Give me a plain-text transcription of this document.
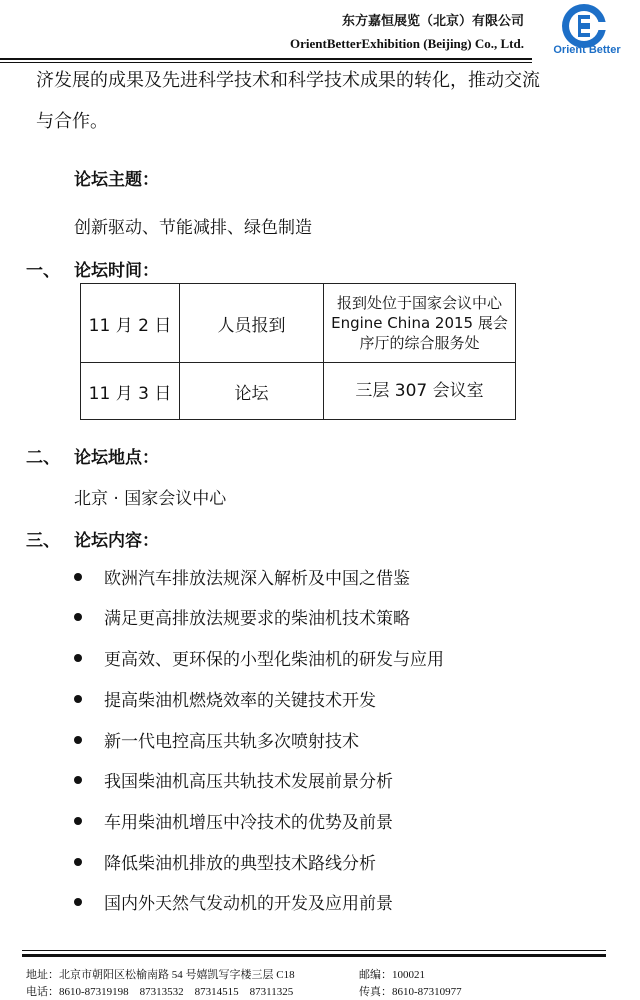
东方嘉恒展览（北京）有限公司
OrientBetterExhibition (Beijing) Co., Ltd.	Orient Better
济发展的成果及先进科学技术和科学技术成果的转化，推动交流
与合作。
论坛主题：
创新驱动、节能减排、绿色制造
一、 论坛时间：
11 月 2 日	人员报到	报到处位于国家会议中心
Engine China 2015 展会
序厅的综合服务处

11 月 3 日	论坛	三层 307 会议室
二、 论坛地点：
北京 · 国家会议中心
三、 论坛内容：
欧洲汽车排放法规深入解析及中国之借鉴
满足更高排放法规要求的柴油机技术策略
更高效、更环保的小型化柴油机的研发与应用
提高柴油机燃烧效率的关键技术开发
新一代电控高压共轨多次喷射技术
我国柴油机高压共轨技术发展前景分析
车用柴油机增压中冷技术的优势及前景
降低柴油机排放的典型技术路线分析
国内外天然气发动机的开发及应用前景
地址：北京市朝阳区松榆南路 54 号嬉凯写字楼三层 C18	邮编：100021
电话：8610-87319198    87313532    87314515    87311325	传真：8610-87310977
